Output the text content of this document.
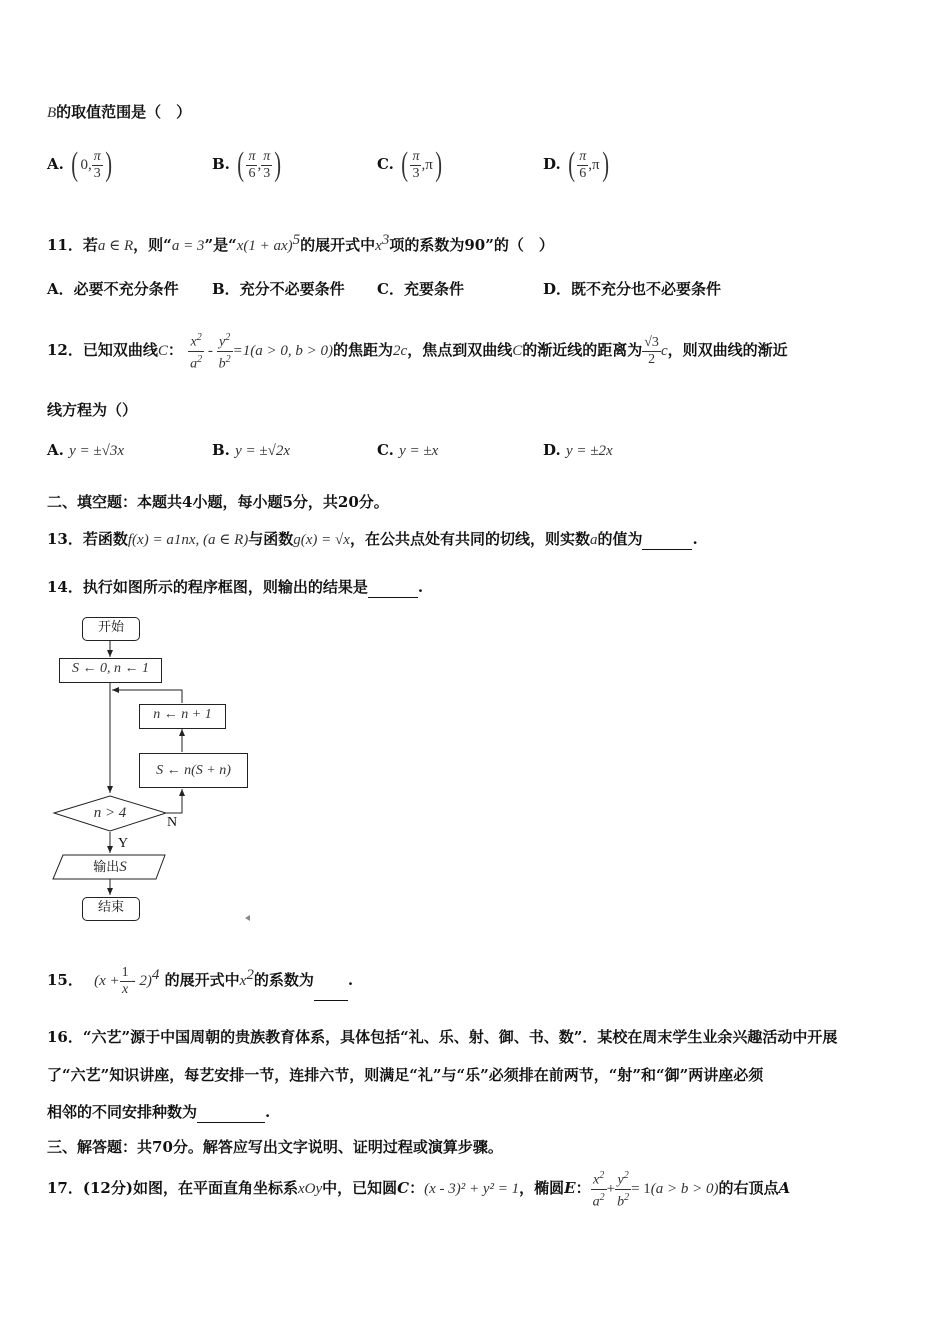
B的取值范围是（　）
A. ( 0, $\frac{\pi}{3}$ )	B. ( $\frac{\pi}{6}$ , $\frac{\pi}{3}$ )	C. ( $\frac{\pi}{3} ,\pi$)	D. ( $\frac{\pi}{6} ,\pi$)
11．若a ∈ R，则“a = 3”是“x(1 + ax)$^5$的展开式中$x^3$项的系数为90”的（　）
A．必要不充分条件 B．充分不必要条件 C．充要条件	D．既不充分也不必要条件
12．已知双曲线C： $\frac{x^2}{a^2} - \frac{y^2}{b^2} =1(a > 0$, b > 0)的焦距为2c，焦点到双曲线C的渐近线的距离为 $\frac{√3}{2}$ c，则双曲线的渐近
线方程为（）
A. y = ±√3x	B. y = ±√2x	C. y = ±x	D. y = ±2x
二、填空题：本题共4小题，每小题5分，共20分。
13．若函数f(x) = a1nx, (a ∈ R)与函数g(x) = √x，在公共点处有共同的切线，则实数a的值为	.
14．执行如图所示的程序框图，则输出的结果是	.
开始
S ← 0, n ← 1
n ← n + 1
S ← n(S + n)
n > 4
N
Y
输出S
结束
15． $(x + \frac{1}{x} - 2)^4$ 的展开式中$x^2$的系数为 .
16．“六艺”源于中国周朝的贵族教育体系，具体包括“礼、乐、射、御、书、数”．某校在周末学生业余兴趣活动中开展
了“六艺”知识讲座，每艺安排一节，连排六节，则满足“礼”与“乐”必须排在前两节，“射”和“御”两讲座必须
相邻的不同安排种数为	.
三、解答题：共70分。解答应写出文字说明、证明过程或演算步骤。
17．(12分)如图，在平面直角坐标系xOy中，已知圆C：(x - 3)² + y² = 1，椭圆E： $\frac{x^2}{a^2} + \frac{y^2}{b^2} = 1(a > b > 0)$的右顶点A
